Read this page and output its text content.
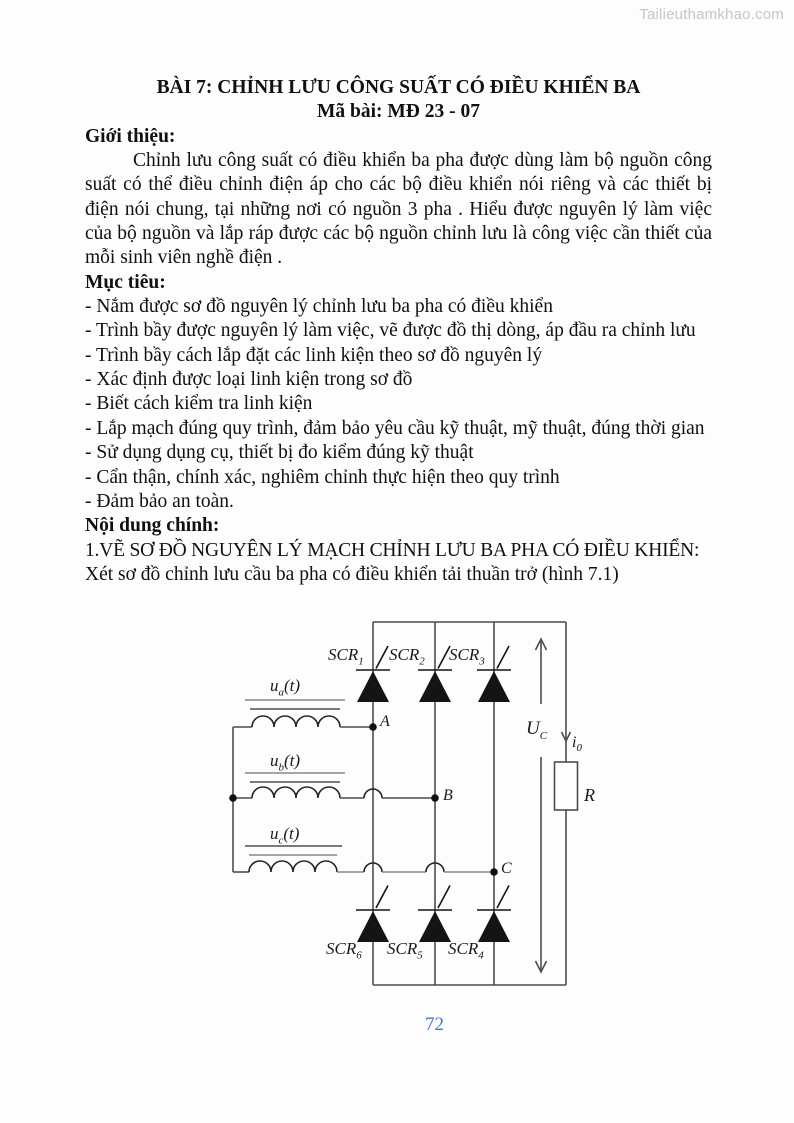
Tailieuthamkhao.com
BÀI 7: CHỈNH LƯU CÔNG SUẤT CÓ ĐIỀU KHIỂN BA
Mã bài: MĐ 23 - 07
Giới thiệu:

Chỉnh lưu công suất có điều khiển ba pha được dùng làm bộ nguồn công suất có thể điều chỉnh điện áp cho các bộ điều khiển nói riêng và các thiết bị điện nói chung, tại những nơi có nguồn 3 pha . Hiểu được nguyên lý làm việc của bộ nguồn và lắp ráp được các bộ nguồn chỉnh lưu là công việc cần thiết của mỗi sinh viên nghề điện .

Mục tiêu:
- Nắm được sơ đồ nguyên lý chỉnh lưu ba pha có điều khiển
- Trình bầy được nguyên lý làm việc, vẽ được đồ thị dòng, áp đầu ra chỉnh lưu
- Trình bầy cách lắp đặt các linh kiện theo sơ đồ nguyên lý
- Xác định được loại linh kiện trong sơ đồ
- Biết cách kiểm tra linh kiện
- Lắp mạch đúng quy trình, đảm bảo yêu cầu kỹ thuật, mỹ thuật, đúng thời gian
- Sử dụng dụng cụ, thiết bị đo kiểm đúng kỹ thuật
- Cẩn thận, chính xác, nghiêm chỉnh thực hiện theo quy trình
- Đảm bảo an toàn.
Nội dung chính:
1.VẼ SƠ ĐỒ NGUYÊN LÝ MẠCH CHỈNH LƯU BA PHA CÓ ĐIỀU KHIỂN:
Xét sơ đồ chỉnh lưu cầu ba pha có điều khiển tải thuần trở (hình 7.1)
$u_a(t)$
$u_b(t)$
$u_c(t)$
$SCR_1$ $SCR_2$ $SCR_3$
$SCR_6$ $SCR_5$ $SCR_4$
A
B
C
$U_C$ $i_0$
R
72
